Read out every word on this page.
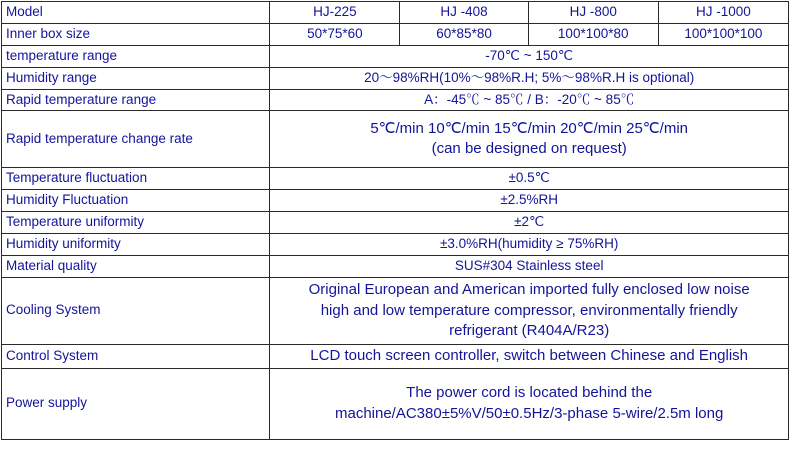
Model	HJ-225	HJ -408	HJ -800	HJ -1000
Inner box size	50*75*60	60*85*80	100*100*80	100*100*100
temperature range	-70℃ ~ 150℃			
Humidity range	20～98%RH(10%～98%R.H; 5%～98%R.H is optional)			
Rapid temperature range	A：-45℃ ~ 85℃ / B：-20℃ ~ 85℃			
Rapid temperature change rate	5℃/min 10℃/min 15℃/min 20℃/min 25℃/min
(can be designed on request)			

Temperature fluctuation	±0.5℃			
Humidity Fluctuation	±2.5%RH			
Temperature uniformity	±2℃			
Humidity uniformity	±3.0%RH(humidity ≥ 75%RH)			
Material quality	SUS#304 Stainless steel			
Cooling System	Original European and American imported fully enclosed low noise
high and low temperature compressor, environmentally friendly
refrigerant (R404A/R23)			

Control System	LCD touch screen controller, switch between Chinese and English			
Power supply	The power cord is located behind the
machine/AC380±5%V/50±0.5Hz/3-phase 5-wire/2.5m long			
